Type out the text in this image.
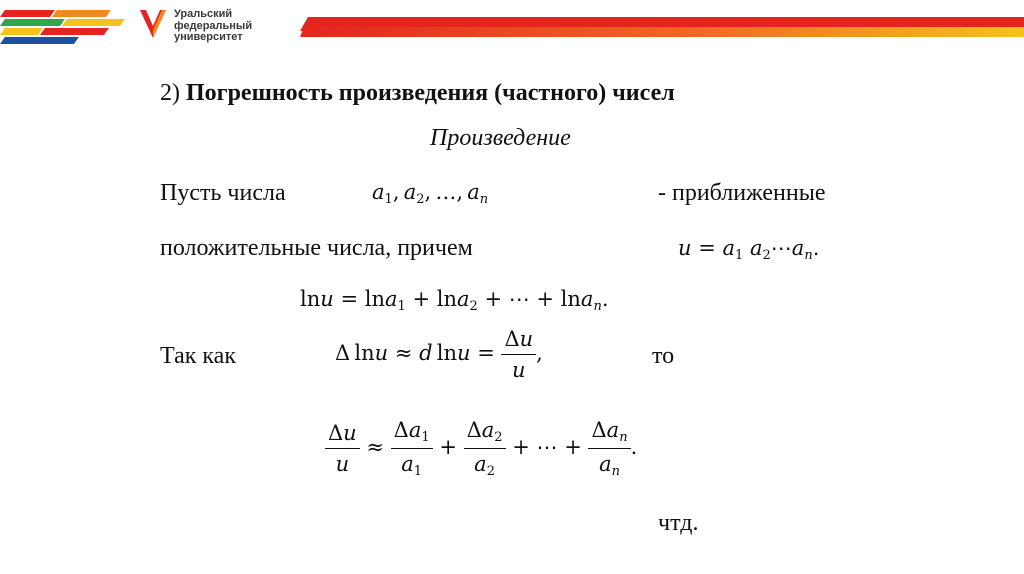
Уральский
федеральный
университет
2) Погрешность произведения (частного) чисел
Произведение
Пусть числа	$a_1$, $a_2$, …, $a_n$	- приближенные
положительные числа, причем	$u = a_1$ $a_2\cdots a_n$.
lnu = lna$_1$ + lna$_2$ + ⋯ + lna$_n$.
Так как	Δ lnu ≈ d $\ln u = \frac{\Delta u}{u}$ ,	то
$\frac{\Delta u}{u} \approx \frac{\Delta a_1}{a_1} + \frac{\Delta a_2}{a_2}$ + ⋯ + $\frac{\Delta a_n}{a_n}$ .
чтд.
